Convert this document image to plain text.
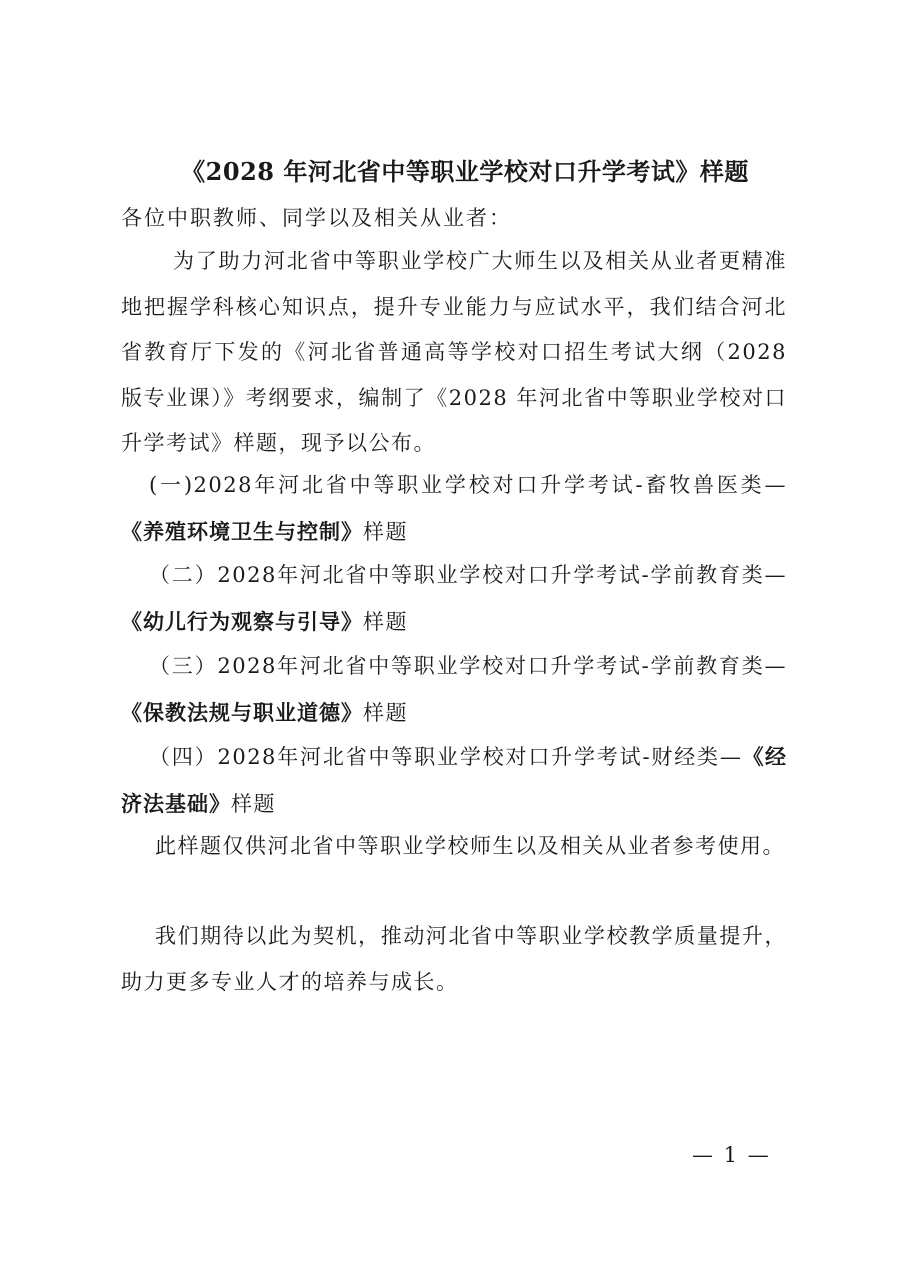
《2028 年河北省中等职业学校对口升学考试》样题
各位中职教师、同学以及相关从业者：

为了助力河北省中等职业学校广大师生以及相关从业者更精准地把握学科核心知识点，提升专业能力与应试水平，我们结合河北省教育厅下发的《河北省普通高等学校对口招生考试大纲（2028 版专业课）》考纲要求，编制了《2028 年河北省中等职业学校对口升学考试》样题，现予以公布。

(一)2028年河北省中等职业学校对口升学考试-畜牧兽医类—《养殖环境卫生与控制》样题

（二）2028年河北省中等职业学校对口升学考试-学前教育类—《幼儿行为观察与引导》样题

（三）2028年河北省中等职业学校对口升学考试-学前教育类—《保教法规与职业道德》样题

（四）2028年河北省中等职业学校对口升学考试-财经类—《经济法基础》样题

此样题仅供河北省中等职业学校师生以及相关从业者参考使用。

我们期待以此为契机，推动河北省中等职业学校教学质量提升，助力更多专业人才的培养与成长。

— 1 —
